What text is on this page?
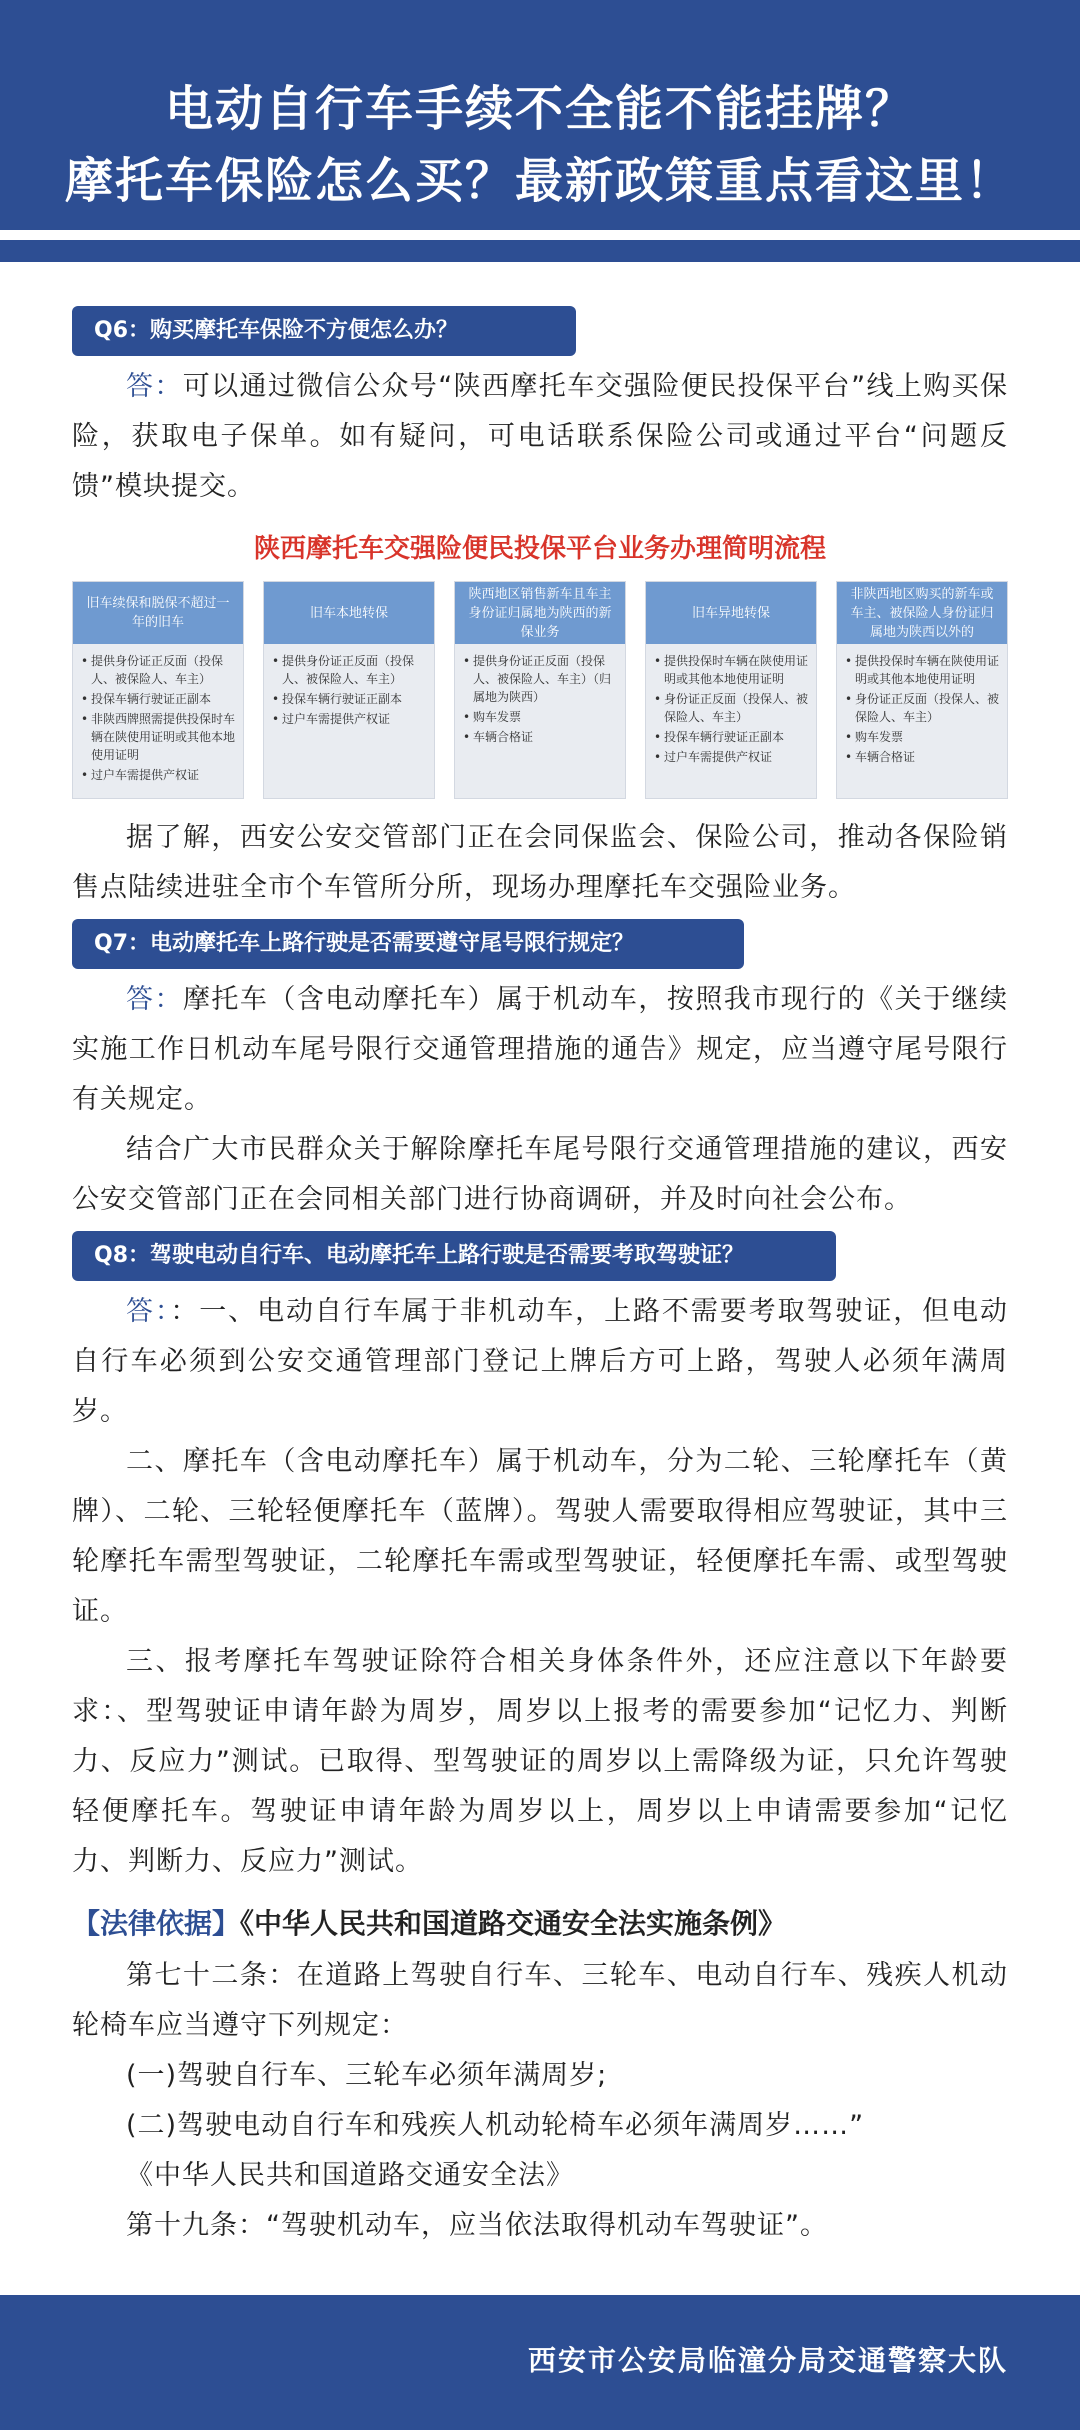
电动自行车手续不全能不能挂牌？
摩托车保险怎么买？最新政策重点看这里！
Q6：购买摩托车保险不方便怎么办？

答：可以通过微信公众号“陕西摩托车交强险便民投保平台”线上购买保险，获取电子保单。如有疑问，可电话联系保险公司或通过平台“问题反馈”模块提交。

陕西摩托车交强险便民投保平台业务办理简明流程
旧车续保和脱保不超过一年的旧车
• 提供身份证正反面（投保人、被保险人、车主）
• 投保车辆行驶证正副本
• 非陕西牌照需提供投保时车辆在陕使用证明或其他本地使用证明
• 过户车需提供产权证
旧车本地转保
• 提供身份证正反面（投保人、被保险人、车主）
• 投保车辆行驶证正副本
• 过户车需提供产权证
陕西地区销售新车且车主身份证归属地为陕西的新保业务
• 提供身份证正反面（投保人、被保险人、车主）（归属地为陕西）
• 购车发票
• 车辆合格证
旧车异地转保
• 提供投保时车辆在陕使用证明或其他本地使用证明
• 身份证正反面（投保人、被保险人、车主）
• 投保车辆行驶证正副本
• 过户车需提供产权证
非陕西地区购买的新车或车主、被保险人身份证归属地为陕西以外的
• 提供投保时车辆在陕使用证明或其他本地使用证明
• 身份证正反面（投保人、被保险人、车主）
• 购车发票
• 车辆合格证

据了解，西安公安交管部门正在会同保监会、保险公司，推动各保险销售点陆续进驻全市个车管所分所，现场办理摩托车交强险业务。

Q7：电动摩托车上路行驶是否需要遵守尾号限行规定？

答：摩托车（含电动摩托车）属于机动车，按照我市现行的《关于继续实施工作日机动车尾号限行交通管理措施的通告》规定，应当遵守尾号限行有关规定。

结合广大市民群众关于解除摩托车尾号限行交通管理措施的建议，西安公安交管部门正在会同相关部门进行协商调研，并及时向社会公布。

Q8：驾驶电动自行车、电动摩托车上路行驶是否需要考取驾驶证？

答：：一、电动自行车属于非机动车，上路不需要考取驾驶证，但电动自行车必须到公安交通管理部门登记上牌后方可上路，驾驶人必须年满周岁。

二、摩托车（含电动摩托车）属于机动车，分为二轮、三轮摩托车（黄牌）、二轮、三轮轻便摩托车（蓝牌）。驾驶人需要取得相应驾驶证，其中三轮摩托车需型驾驶证，二轮摩托车需或型驾驶证，轻便摩托车需、或型驾驶证。

三、报考摩托车驾驶证除符合相关身体条件外，还应注意以下年龄要求：、型驾驶证申请年龄为周岁，周岁以上报考的需要参加“记忆力、判断力、反应力”测试。已取得、型驾驶证的周岁以上需降级为证，只允许驾驶轻便摩托车。驾驶证申请年龄为周岁以上，周岁以上申请需要参加“记忆力、判断力、反应力”测试。

【法律依据】《中华人民共和国道路交通安全法实施条例》

第七十二条：在道路上驾驶自行车、三轮车、电动自行车、残疾人机动轮椅车应当遵守下列规定：

(一)驾驶自行车、三轮车必须年满周岁;

(二)驾驶电动自行车和残疾人机动轮椅车必须年满周岁……”

《中华人民共和国道路交通安全法》

第十九条：“驾驶机动车，应当依法取得机动车驾驶证”。

西安市公安局临潼分局交通警察大队
